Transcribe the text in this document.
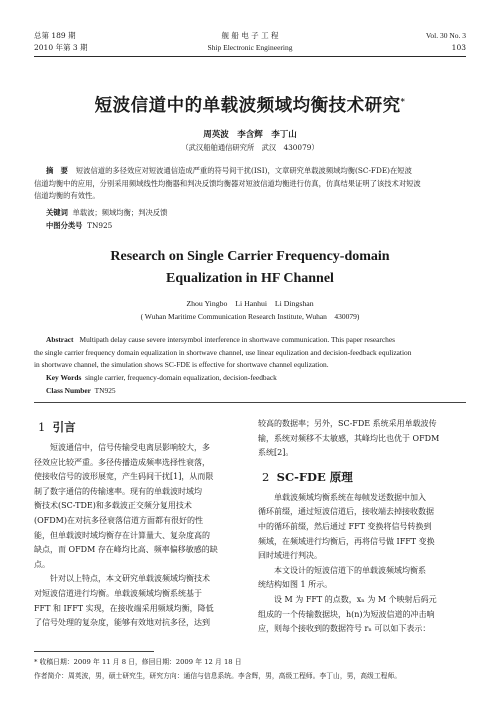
总第 189 期
2010 年第 3 期
舰 船 电 子 工 程
Ship Electronic Engineering
Vol. 30 No. 3
103
短波信道中的单载波频域均衡技术研究*
周英波　李含辉　李丁山
（武汉船舶通信研究所　武汉　430079）
摘　要 短波信道的多径效应对短波通信造成严重的符号间干扰(ISI)，文章研究单载波频域均衡(SC-FDE)在短波
信道均衡中的应用，分别采用频域线性均衡器和判决反馈均衡器对短波信道均衡进行仿真，仿真结果证明了该技术对短波
信道均衡的有效性。
关键词 单载波；频域均衡；判决反馈
中图分类号 TN925
Research on Single Carrier Frequency-domain
Equalization in HF Channel
Zhou Yingbo　Li Hanhui　Li Dingshan
( Wuhan Maritime Communication Research Institute, Wuhan　430079)
Abstract Multipath delay cause severe intersymbol interference in shortwave communication. This paper researches
the single carrier frequency domain equalization in shortwave channel, use linear equlization and decision-feedback equlization
in shortwave channel, the simulation shows SC-FDE is effective for shortwave channel equlization.
Key Words single carrier, frequency-domain equalization, decision-feedback
Class Number TN925
1 引言
　　短波通信中，信号传输受电离层影响较大，多
径效应比较严重。多径传播造成频率选择性衰落，
使接收信号的波形展宽，产生码间干扰[1]，从而限
制了数字通信的传输速率。现有的单载波时域均
衡技术(SC-TDE)和多载波正交频分复用技术
(OFDM)在对抗多径衰落信道方面都有很好的性
能，但单载波时域均衡存在计算量大、复杂度高的
缺点，而 OFDM 存在峰均比高、频率偏移敏感的缺
点。
　　针对以上特点，本文研究单载波频域均衡技术
对短波信道进行均衡。单载波频域均衡系统基于
FFT 和 IFFT 实现，在接收端采用频域均衡，降低
了信号处理的复杂度，能够有效地对抗多径，达到
较高的数据率；另外，SC-FDE 系统采用单载波传
输，系统对频移不太敏感，其峰均比也优于 OFDM
系统[2]。
2 SC-FDE 原理
　　单载波频域均衡系统在每帧发送数据中加入
循环前缀，通过短波信道后，接收端去掉接收数据
中的循环前缀，然后通过 FFT 变换将信号转换到
频域，在频域进行均衡后，再将信号做 IFFT 变换
回时域进行判决。
　　本文设计的短波信道下的单载波频域均衡系
统结构如图 1 所示。
　　设 M 为 FFT 的点数，xₙ 为 M 个映射后码元
组成的一个传输数据块，h(n)为短波信道的冲击响
应，则每个接收到的数据符号 rₙ 可以如下表示：
* 收稿日期：2009 年 11 月 8 日，修回日期：2009 年 12 月 18 日
作者简介：周英波，男，硕士研究生，研究方向：通信与信息系统。李含辉，男，高级工程师。李丁山，男，高级工程师。
